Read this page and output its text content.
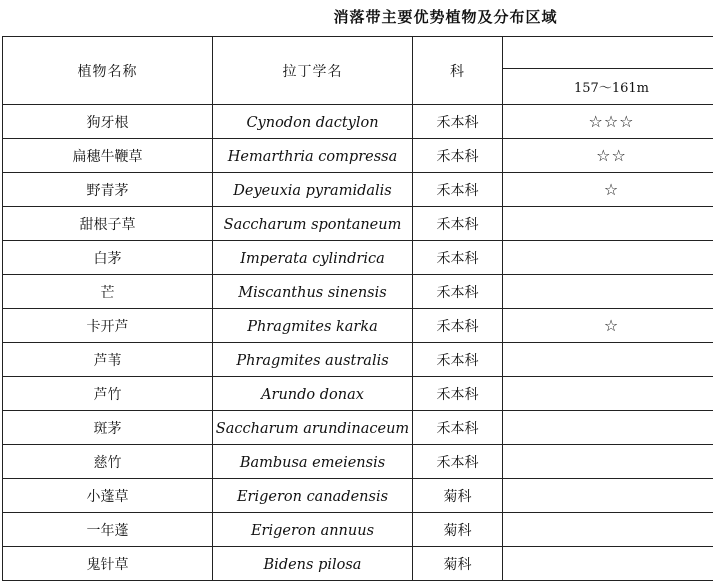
消落带主要优势植物及分布区域
植物名称	拉丁学名	科	
			157～161m
狗牙根	Cynodon dactylon	禾本科	☆☆☆
扁穗牛鞭草	Hemarthria compressa	禾本科	☆☆
野青茅	Deyeuxia pyramidalis	禾本科	☆
甜根子草	Saccharum spontaneum	禾本科	
白茅	Imperata cylindrica	禾本科	
芒	Miscanthus sinensis	禾本科	
卡开芦	Phragmites karka	禾本科	☆
芦苇	Phragmites australis	禾本科	
芦竹	Arundo donax	禾本科	
斑茅	Saccharum arundinaceum	禾本科	
慈竹	Bambusa emeiensis	禾本科	
小蓬草	Erigeron canadensis	菊科	
一年蓬	Erigeron annuus	菊科	
鬼针草	Bidens pilosa	菊科	
